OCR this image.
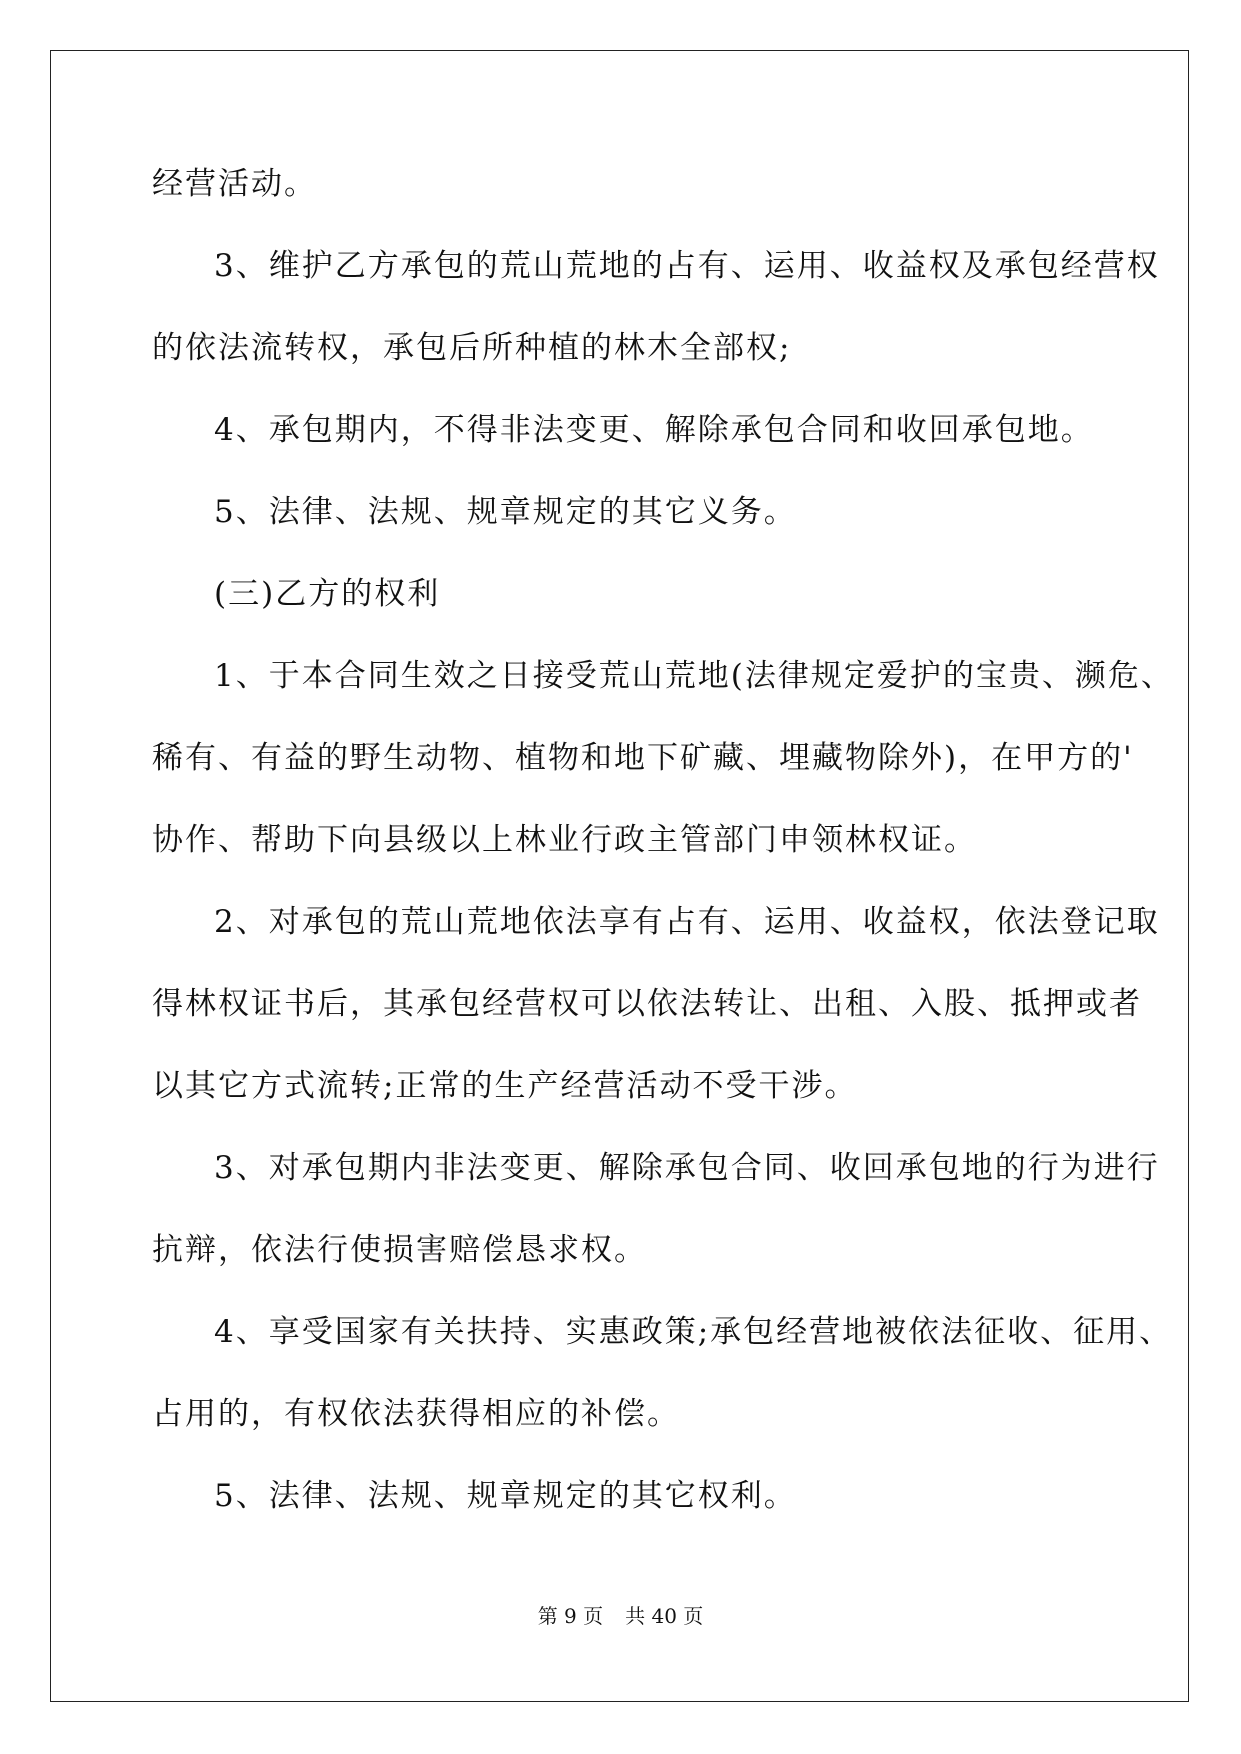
经营活动。

3、维护乙方承包的荒山荒地的占有、运用、收益权及承包经营权

的依法流转权，承包后所种植的林木全部权;

4、承包期内，不得非法变更、解除承包合同和收回承包地。

5、法律、法规、规章规定的其它义务。

(三)乙方的权利

1、于本合同生效之日接受荒山荒地(法律规定爱护的宝贵、濒危、

稀有、有益的野生动物、植物和地下矿藏、埋藏物除外)，在甲方的'

协作、帮助下向县级以上林业行政主管部门申领林权证。

2、对承包的荒山荒地依法享有占有、运用、收益权，依法登记取

得林权证书后，其承包经营权可以依法转让、出租、入股、抵押或者

以其它方式流转;正常的生产经营活动不受干涉。

3、对承包期内非法变更、解除承包合同、收回承包地的行为进行

抗辩，依法行使损害赔偿恳求权。

4、享受国家有关扶持、实惠政策;承包经营地被依法征收、征用、

占用的，有权依法获得相应的补偿。

5、法律、法规、规章规定的其它权利。

第 9 页 共 40 页
